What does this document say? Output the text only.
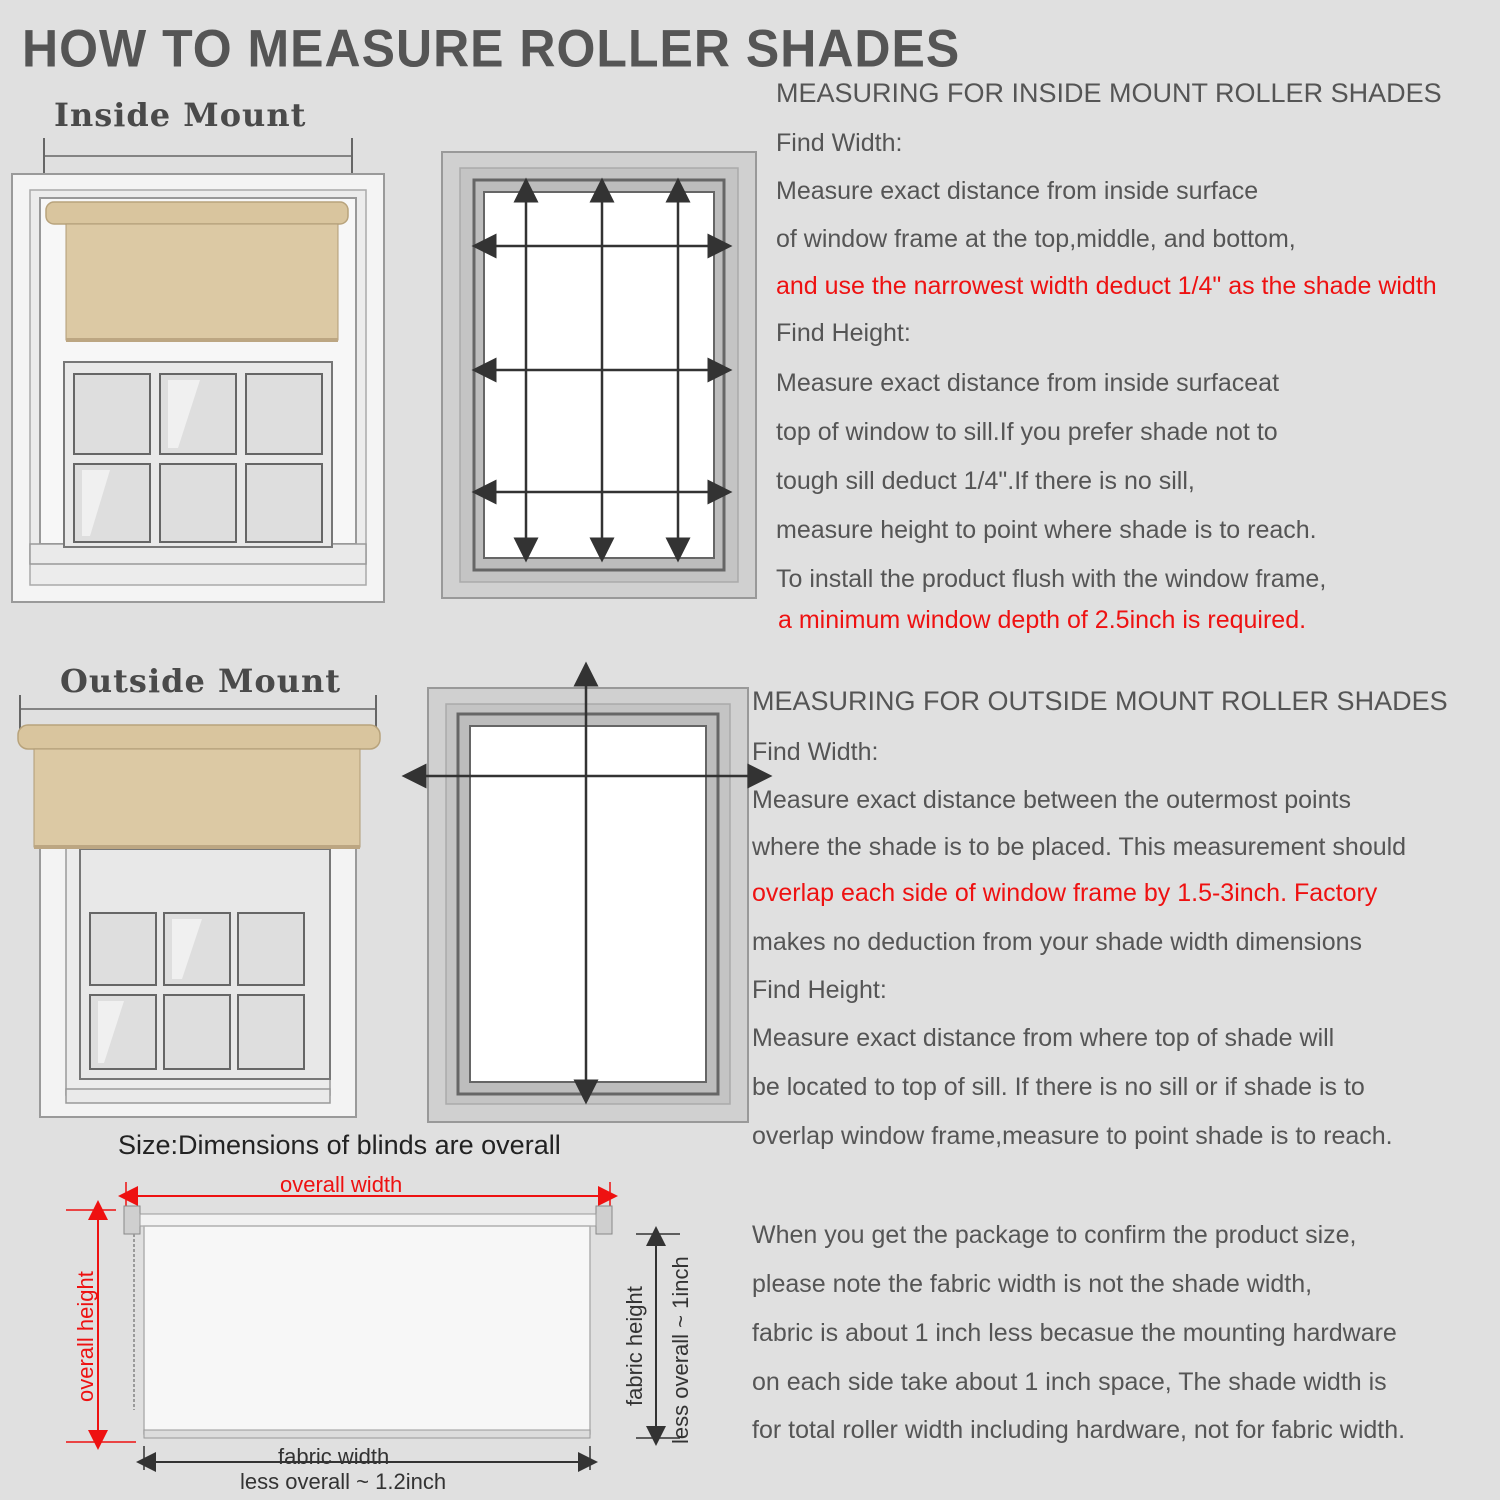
HOW TO MEASURE ROLLER SHADES
Inside Mount
MEASURING FOR INSIDE MOUNT ROLLER SHADES
Find Width:
Measure exact distance from inside surface
of window frame at the top,middle, and bottom,
and use the narrowest width deduct 1/4" as the shade width
Find Height:
Measure exact distance from inside surfaceat
top of window to sill.If you prefer shade not to
tough sill deduct 1/4".If there is no sill,
measure height to point where shade is to reach.
To install the product flush with the window frame,
a minimum window depth of 2.5inch is required.
Outside Mount
MEASURING FOR OUTSIDE MOUNT ROLLER SHADES
Find Width:
Measure exact distance between the outermost points
where the shade is to be placed. This measurement should
overlap each side of window frame by 1.5-3inch. Factory
makes no deduction from your shade width dimensions
Find Height:
Measure exact distance from where top of shade will
be located to top of sill. If there is no sill or if shade is to
overlap window frame,measure to point shade is to reach.
When you get the package to confirm the product size,
please note the fabric width is not the shade width,
fabric is about 1 inch less becasue the mounting hardware
on each side take about 1 inch space, The shade width is
for total roller width including hardware, not for fabric width.
Size:Dimensions of blinds are overall
overall width
overall height	fabric height less overall ~ 1inch
fabric width
less overall ~ 1.2inch
